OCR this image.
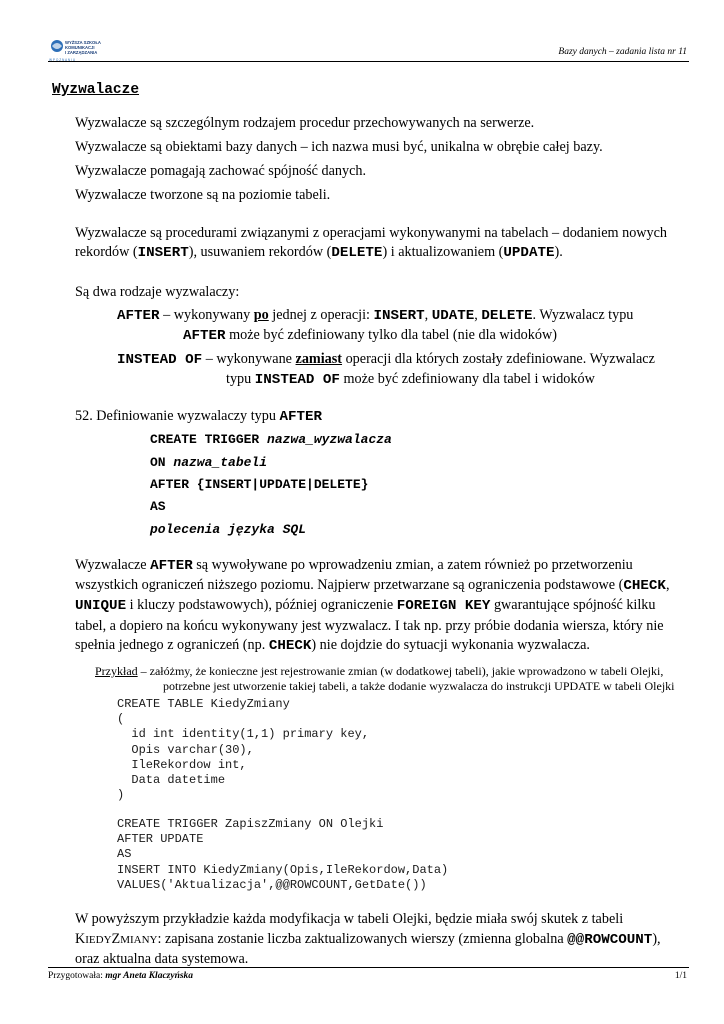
WYŻSZA SZKOŁA
KOMUNIKACJI
I ZARZĄDZANIA
W P O Z N A N I U
Bazy danych – zadania lista nr 11
Wyzwalacze
Wyzwalacze są szczególnym rodzajem procedur przechowywanych na serwerze.
Wyzwalacze są obiektami bazy danych – ich nazwa musi być, unikalna w obrębie całej bazy.
Wyzwalacze pomagają zachować spójność danych.
Wyzwalacze tworzone są na poziomie tabeli.
Wyzwalacze są procedurami związanymi z operacjami wykonywanymi na tabelach – dodaniem nowych
rekordów (INSERT), usuwaniem rekordów (DELETE) i aktualizowaniem (UPDATE).
Są dwa rodzaje wyzwalaczy:
AFTER – wykonywany po jednej z operacji: INSERT, UDATE, DELETE. Wyzwalacz typu
AFTER może być zdefiniowany tylko dla tabel (nie dla widoków)
INSTEAD OF – wykonywane zamiast operacji dla których zostały zdefiniowane. Wyzwalacz
typu INSTEAD OF może być zdefiniowany dla tabel i widoków
52. Definiowanie wyzwalaczy typu AFTER
CREATE TRIGGER nazwa_wyzwalacza
ON nazwa_tabeli
AFTER {INSERT|UPDATE|DELETE}
AS
polecenia języka SQL
Wyzwalacze AFTER są wywoływane po wprowadzeniu zmian, a zatem również po przetworzeniu
wszystkich ograniczeń niższego poziomu. Najpierw przetwarzane są ograniczenia podstawowe (CHECK,
UNIQUE i kluczy podstawowych), później ograniczenie FOREIGN KEY gwarantujące spójność kilku
tabel, a dopiero na końcu wykonywany jest wyzwalacz. I tak np. przy próbie dodania wiersza, który nie
spełnia jednego z ograniczeń (np. CHECK) nie dojdzie do sytuacji wykonania wyzwalacza.
Przykład – załóżmy, że konieczne jest rejestrowanie zmian (w dodatkowej tabeli), jakie wprowadzono w tabeli Olejki,
potrzebne jest utworzenie takiej tabeli, a także dodanie wyzwalacza do instrukcji UPDATE w tabeli Olejki
CREATE TABLE KiedyZmiany
(
id int identity(1,1) primary key,
Opis varchar(30),
IleRekordow int,
Data datetime
)
CREATE TRIGGER ZapiszZmiany ON Olejki
AFTER UPDATE
AS
INSERT INTO KiedyZmiany(Opis,IleRekordow,Data)
VALUES('Aktualizacja',@@ROWCOUNT,GetDate())
W powyższym przykładzie każda modyfikacja w tabeli Olejki, będzie miała swój skutek z tabeli
KIEDYZMIANY: zapisana zostanie liczba zaktualizowanych wierszy (zmienna globalna @@ROWCOUNT),
oraz aktualna data systemowa.
Przygotowała: mgr Aneta Klaczyńska	1/1
